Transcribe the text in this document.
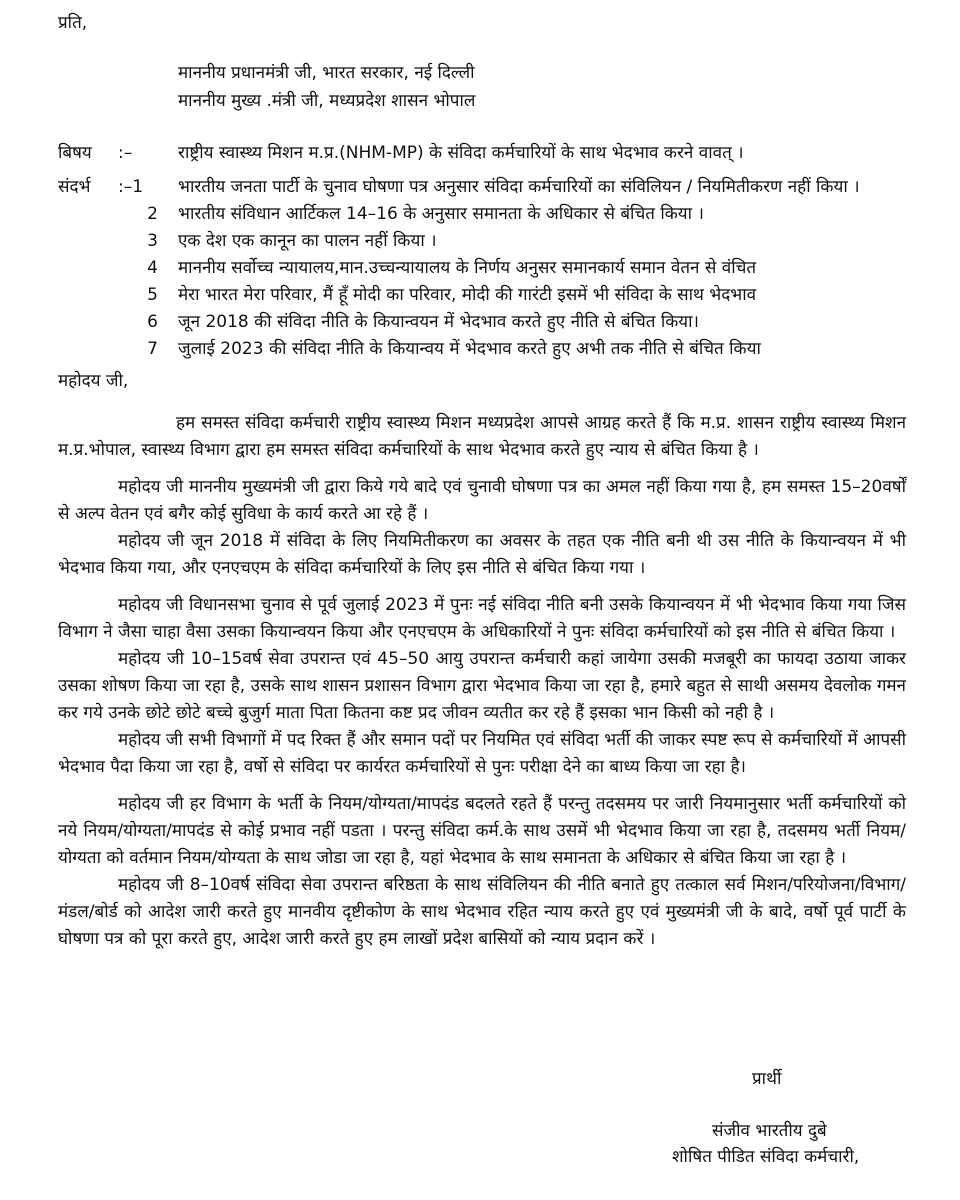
प्रति,
माननीय प्रधानमंत्री जी, भारत सरकार, नई दिल्ली
माननीय मुख्य .मंत्री जी, मध्यप्रदेश शासन भोपाल
बिषय :–	राष्ट्रीय स्वास्थ्य मिशन म.प्र.(NHM-MP) के संविदा कर्मचारियों के साथ भेदभाव करने वावत् ।
संदर्भ :–1 भारतीय जनता पार्टी के चुनाव घोषणा पत्र अनुसार संविदा कर्मचारियों का संविलियन / नियमितीकरण नहीं किया ।
2 भारतीय संविधान आर्टिकल 14–16 के अनुसार समानता के अधिकार से बंचित किया ।
3 एक देश एक कानून का पालन नहीं किया ।
4 माननीय सर्वोच्च न्यायालय,मान.उच्चन्यायालय के निर्णय अनुसर समानकार्य समान वेतन से वंचित
5 मेरा भारत मेरा परिवार, मैं हूँ मोदी का परिवार, मोदी की गारंटी इसमें भी संविदा के साथ भेदभाव
6 जून 2018 की संविदा नीति के कियान्वयन में भेदभाव करते हुए नीति से बंचित किया।
7 जुलाई 2023 की संविदा नीति के कियान्वय में भेदभाव करते हुए अभी तक नीति से बंचित किया

महोदय जी,

हम समस्त संविदा कर्मचारी राष्ट्रीय स्वास्थ्य मिशन मध्यप्रदेश आपसे आग्रह करते हैं कि म.प्र. शासन राष्ट्रीय स्वास्थ्य मिशन म.प्र.भोपाल, स्वास्थ्य विभाग द्वारा हम समस्त संविदा कर्मचारियों के साथ भेदभाव करते हुए न्याय से बंचित किया है ।

महोदय जी माननीय मुख्यमंत्री जी द्वारा किये गये बादे एवं चुनावी घोषणा पत्र का अमल नहीं किया गया है, हम समस्त 15–20वर्षों से अल्प वेतन एवं बगैर कोई सुविधा के कार्य करते आ रहे हैं ।

महोदय जी जून 2018 में संविदा के लिए नियमितीकरण का अवसर के तहत एक नीति बनी थी उस नीति के कियान्वयन में भी भेदभाव किया गया, और एनएचएम के संविदा कर्मचारियों के लिए इस नीति से बंचित किया गया ।

महोदय जी विधानसभा चुनाव से पूर्व जुलाई 2023 में पुनः नई संविदा नीति बनी उसके कियान्वयन में भी भेदभाव किया गया जिस विभाग ने जैसा चाहा वैसा उसका कियान्वयन किया और एनएचएम के अधिकारियों ने पुनः संविदा कर्मचारियों को इस नीति से बंचित किया ।

महोदय जी 10–15वर्ष सेवा उपरान्त एवं 45–50 आयु उपरान्त कर्मचारी कहां जायेगा उसकी मजबूरी का फायदा उठाया जाकर उसका शोषण किया जा रहा है, उसके साथ शासन प्रशासन विभाग द्वारा भेदभाव किया जा रहा है, हमारे बहुत से साथी असमय देवलोक गमन कर गये उनके छोटे छोटे बच्चे बुजुर्ग माता पिता कितना कष्ट प्रद जीवन व्यतीत कर रहे हैं इसका भान किसी को नही है ।

महोदय जी सभी विभागों में पद रिक्त हैं और समान पदों पर नियमित एवं संविदा भर्ती की जाकर स्पष्ट रूप से कर्मचारियों में आपसी भेदभाव पैदा किया जा रहा है, वर्षो से संविदा पर कार्यरत कर्मचारियों से पुनः परीक्षा देने का बाध्य किया जा रहा है।

महोदय जी हर विभाग के भर्ती के नियम/योग्यता/मापदंड बदलते रहते हैं परन्तु तदसमय पर जारी नियमानुसार भर्ती कर्मचारियों को नये नियम/योग्यता/मापदंड से कोई प्रभाव नहीं पडता । परन्तु संविदा कर्म.के साथ उसमें भी भेदभाव किया जा रहा है, तदसमय भर्ती नियम/योग्यता को वर्तमान नियम/योग्यता के साथ जोडा जा रहा है, यहां भेदभाव के साथ समानता के अधिकार से बंचित किया जा रहा है ।

महोदय जी 8–10वर्ष संविदा सेवा उपरान्त बरिष्ठता के साथ संविलियन की नीति बनाते हुए तत्काल सर्व मिशन/परियोजना/विभाग/मंडल/बोर्ड को आदेश जारी करते हुए मानवीय दृष्टीकोण के साथ भेदभाव रहित न्याय करते हुए एवं मुख्यमंत्री जी के बादे, वर्षो पूर्व पार्टी के घोषणा पत्र को पूरा करते हुए, आदेश जारी करते हुए हम लाखों प्रदेश बासियों को न्याय प्रदान करें ।

प्रार्थी
संजीव भारतीय दुबे
शोषित पीडित संविदा कर्मचारी,
